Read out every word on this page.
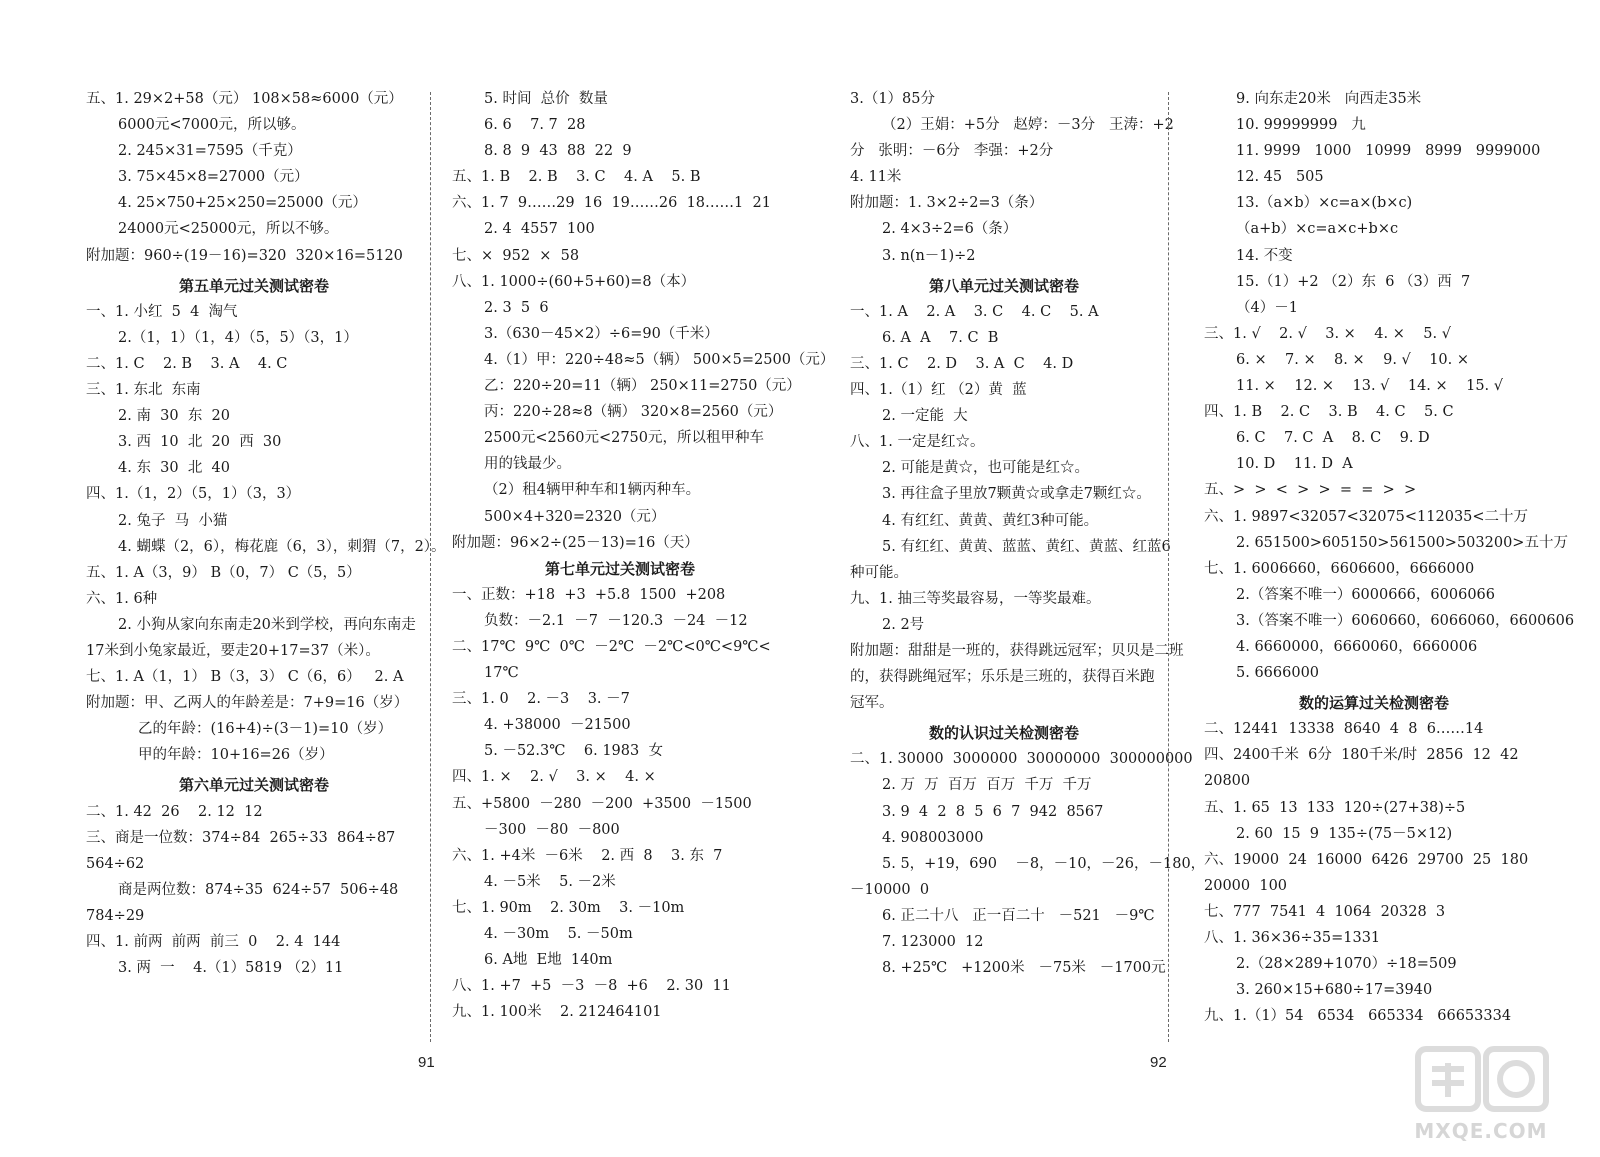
五、1. 29×2+58（元） 108×58≈6000（元）
6000元<7000元，所以够。
2. 245×31=7595（千克）
3. 75×45×8=27000（元）
4. 25×750+25×250=25000（元）
24000元<25000元，所以不够。
附加题：960÷(19－16)=320  320×16=5120
第五单元过关测试密卷
一、1. 小红  5  4  淘气
2.（1，1）（1，4）（5，5）（3，1）
二、1. C    2. B    3. A    4. C
三、1. 东北  东南
2. 南  30  东  20
3. 西  10  北  20  西  30
4. 东  30  北  40
四、1.（1，2）（5，1）（3，3）
2. 兔子  马  小猫
4. 蝴蝶（2，6），梅花鹿（6，3），刺猬（7，2）。
五、1. A（3，9） B（0，7） C（5，5）
六、1. 6种
2. 小狗从家向东南走20米到学校，再向东南走
17米到小兔家最近，要走20+17=37（米）。
七、1. A（1，1） B（3，3） C（6，6）   2. A
附加题：甲、乙两人的年龄差是：7+9=16（岁）
乙的年龄：(16+4)÷(3－1)=10（岁）
甲的年龄：10+16=26（岁）
第六单元过关测试密卷
二、1. 42  26    2. 12  12
三、商是一位数：374÷84  265÷33  864÷87
564÷62
商是两位数：874÷35  624÷57  506÷48
784÷29
四、1. 前两  前两  前三  0    2. 4  144
3. 两  一    4.（1）5819 （2）11
5. 时间  总价  数量
6. 6    7. 7  28
8. 8  9  43  88  22  9
五、1. B    2. B    3. C    4. A    5. B
六、1. 7  9……29  16  19……26  18……1  21
2. 4  4557  100
七、×  952  ×  58
八、1. 1000÷(60+5+60)=8（本）
2. 3  5  6
3.（630－45×2）÷6=90（千米）
4.（1）甲：220÷48≈5（辆） 500×5=2500（元）
乙：220÷20=11（辆） 250×11=2750（元）
丙：220÷28≈8（辆） 320×8=2560（元）
2500元<2560元<2750元，所以租甲种车
用的钱最少。
（2）租4辆甲种车和1辆丙种车。
500×4+320=2320（元）
附加题：96×2÷(25－13)=16（天）
第七单元过关测试密卷
一、正数：+18  +3  +5.8  1500  +208
负数：－2.1  －7  －120.3  －24  －12
二、17℃  9℃  0℃  －2℃  －2℃<0℃<9℃<
17℃
三、1. 0    2. －3    3. －7
4. +38000  －21500
5. －52.3℃    6. 1983  女
四、1. ×    2. √    3. ×    4. ×
五、+5800  －280  －200  +3500  －1500
－300  －80  －800
六、1. +4米  －6米    2. 西  8    3. 东  7
4. －5米    5. －2米
七、1. 90m    2. 30m    3. －10m
4. －30m    5. －50m
6. A地  E地  140m
八、1. +7  +5  －3  －8  +6    2. 30  11
九、1. 100米    2. 212464101
91
3.（1）85分
（2）王娟：+5分   赵婷：－3分   王涛：+2
分   张明：－6分   李强：+2分
4. 11米
附加题：1. 3×2÷2=3（条）
2. 4×3÷2=6（条）
3. n(n－1)÷2
第八单元过关测试密卷
一、1. A    2. A    3. C    4. C    5. A
6. A  A    7. C  B
三、1. C    2. D    3. A  C    4. D
四、1.（1）红 （2）黄  蓝
2. 一定能  大
八、1. 一定是红☆。
2. 可能是黄☆，也可能是红☆。
3. 再往盒子里放7颗黄☆或拿走7颗红☆。
4. 有红红、黄黄、黄红3种可能。
5. 有红红、黄黄、蓝蓝、黄红、黄蓝、红蓝6
种可能。
九、1. 抽三等奖最容易，一等奖最难。
2. 2号
附加题：甜甜是一班的，获得跳远冠军；贝贝是二班
的，获得跳绳冠军；乐乐是三班的，获得百米跑
冠军。
数的认识过关检测密卷
二、1. 30000  3000000  30000000  300000000
2. 万  万  百万  百万  千万  千万
3. 9  4  2  8  5  6  7  942  8567
4. 908003000
5. 5，+19，690    －8，－10，－26，－180，
－10000  0
6. 正二十八   正一百二十   －521   －9℃
7. 123000  12
8. +25℃   +1200米   －75米   －1700元
9. 向东走20米   向西走35米
10. 99999999   九
11. 9999   1000   10999   8999   9999000
12. 45   505
13.（a×b）×c=a×(b×c)
（a+b）×c=a×c+b×c
14. 不变
15.（1）+2 （2）东  6 （3）西  7
（4）－1
三、1. √    2. √    3. ×    4. ×    5. √
6. ×    7. ×    8. ×    9. √    10. ×
11. ×    12. ×    13. √    14. ×    15. √
四、1. B    2. C    3. B    4. C    5. C
6. C    7. C  A    8. C    9. D
10. D    11. D  A
五、>  >  <  >  >  =  =  >  >
六、1. 9897<32057<32075<112035<二十万
2. 651500>605150>561500>503200>五十万
七、1. 6006660，6606600，6666000
2.（答案不唯一）6000666，6006066
3.（答案不唯一）6060660，6066060，6600606
4. 6660000，6660060，6660006
5. 6666000
数的运算过关检测密卷
二、12441  13338  8640  4  8  6……14
四、2400千米  6分  180千米/时  2856  12  42
20800
五、1. 65  13  133  120÷(27+38)÷5
2. 60  15  9  135÷(75－5×12)
六、19000  24  16000  6426  29700  25  180
20000  100
七、777  7541  4  1064  20328  3
八、1. 36×36÷35=1331
2.（28×289+1070）÷18=509
3. 260×15+680÷17=3940
九、1.（1）54   6534   665334   66653334
92
MXQE.COM
